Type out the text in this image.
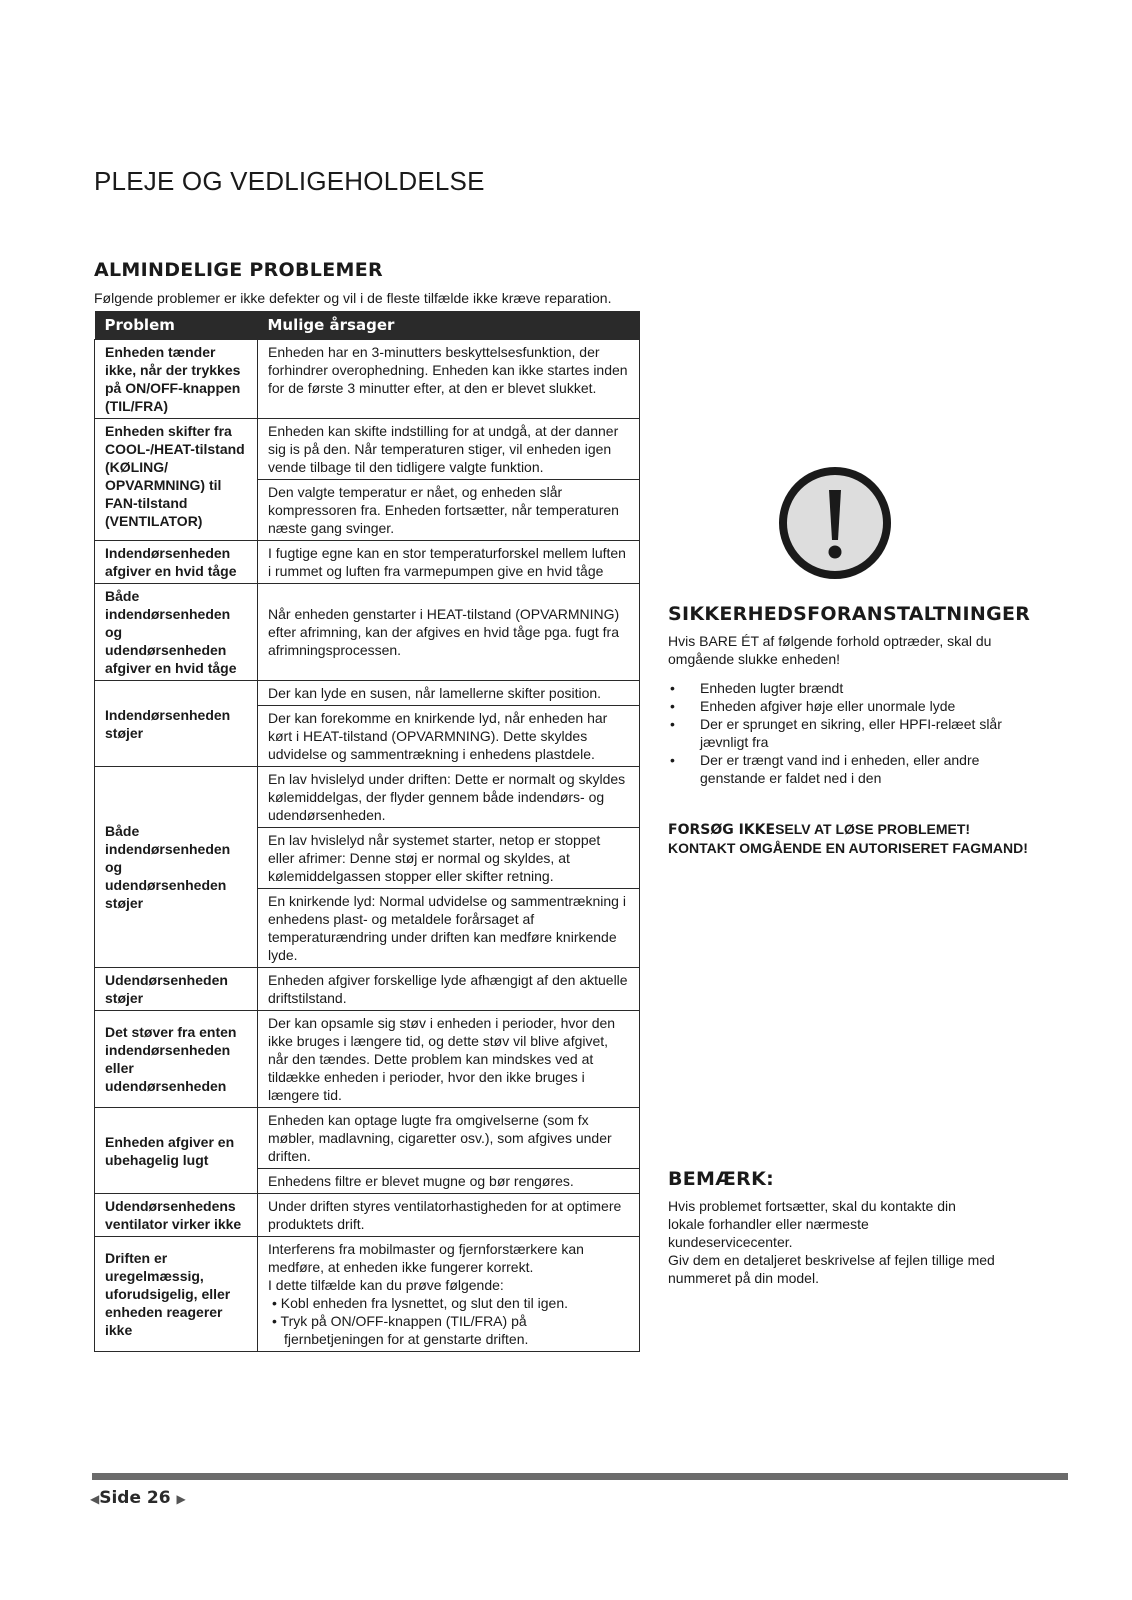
PLEJE OG VEDLIGEHOLDELSE
ALMINDELIGE PROBLEMER
Følgende problemer er ikke defekter og vil i de fleste tilfælde ikke kræve reparation.
Problem	Mulige årsager
Enheden tænder ikke, når der trykkes på ON/OFF-knappen (TIL/FRA)	Enheden har en 3-minutters beskyttelsesfunktion, der forhindrer overophedning. Enheden kan ikke startes inden for de første 3 minutter efter, at den er blevet slukket.
Enheden skifter fra COOL-/HEAT-tilstand (KØLING/ OPVARMNING) til FAN-tilstand (VENTILATOR)	Enheden kan skifte indstilling for at undgå, at der danner sig is på den. Når temperaturen stiger, vil enheden igen vende tilbage til den tidligere valgte funktion.
	Den valgte temperatur er nået, og enheden slår kompressoren fra. Enheden fortsætter, når temperaturen næste gang svinger.
Indendørsenheden afgiver en hvid tåge	I fugtige egne kan en stor temperaturforskel mellem luften i rummet og luften fra varmepumpen give en hvid tåge
Både indendørsenheden og udendørsenheden afgiver en hvid tåge	Når enheden genstarter i HEAT-tilstand (OPVARMNING) efter afrimning, kan der afgives en hvid tåge pga. fugt fra afrimningsprocessen.
Indendørsenheden støjer	Der kan lyde en susen, når lamellerne skifter position.
	Der kan forekomme en knirkende lyd, når enheden har kørt i HEAT-tilstand (OPVARMNING). Dette skyldes udvidelse og sammentrækning i enhedens plastdele.
Både indendørsenheden og udendørsenheden støjer	En lav hvislelyd under driften: Dette er normalt og skyldes kølemiddelgas, der flyder gennem både indendørs- og udendørsenheden.
	En lav hvislelyd når systemet starter, netop er stoppet eller afrimer: Denne støj er normal og skyldes, at kølemiddelgassen stopper eller skifter retning.
	En knirkende lyd: Normal udvidelse og sammentrækning i enhedens plast- og metaldele forårsaget af temperaturændring under driften kan medføre knirkende lyde.
Udendørsenheden støjer	Enheden afgiver forskellige lyde afhængigt af den aktuelle driftstilstand.
Det støver fra enten indendørsenheden eller udendørsenheden	Der kan opsamle sig støv i enheden i perioder, hvor den ikke bruges i længere tid, og dette støv vil blive afgivet, når den tændes. Dette problem kan mindskes ved at tildække enheden i perioder, hvor den ikke bruges i længere tid.
Enheden afgiver en ubehagelig lugt	Enheden kan optage lugte fra omgivelserne (som fx møbler, madlavning, cigaretter osv.), som afgives under driften.
	Enhedens filtre er blevet mugne og bør rengøres.
Udendørsenhedens ventilator virker ikke	Under driften styres ventilatorhastigheden for at optimere produktets drift.
Driften er uregelmæssig, uforudsigelig, eller enheden reagerer ikke	Interferens fra mobilmaster og fjernforstærkere kan medføre, at enheden ikke fungerer korrekt.
I dette tilfælde kan du prøve følgende:
• Kobl enheden fra lysnettet, og slut den til igen.
• Tryk på ON/OFF-knappen (TIL/FRA) på fjernbetjeningen for at genstarte driften.
SIKKERHEDSFORANSTALTNINGER
Hvis BARE ÉT af følgende forhold optræder, skal du omgående slukke enheden!
• Enheden lugter brændt
• Enheden afgiver høje eller unormale lyde
• Der er sprunget en sikring, eller HPFI-relæet slår jævnligt fra
• Der er trængt vand ind i enheden, eller andre genstande er faldet ned i den
FORSØG IKKESELV AT LØSE PROBLEMET! KONTAKT OMGÅENDE EN AUTORISERET FAGMAND!
BEMÆRK:
Hvis problemet fortsætter, skal du kontakte din lokale forhandler eller nærmeste kundeservicecenter.
Giv dem en detaljeret beskrivelse af fejlen tillige med nummeret på din model.
◀Side 26 ▶
